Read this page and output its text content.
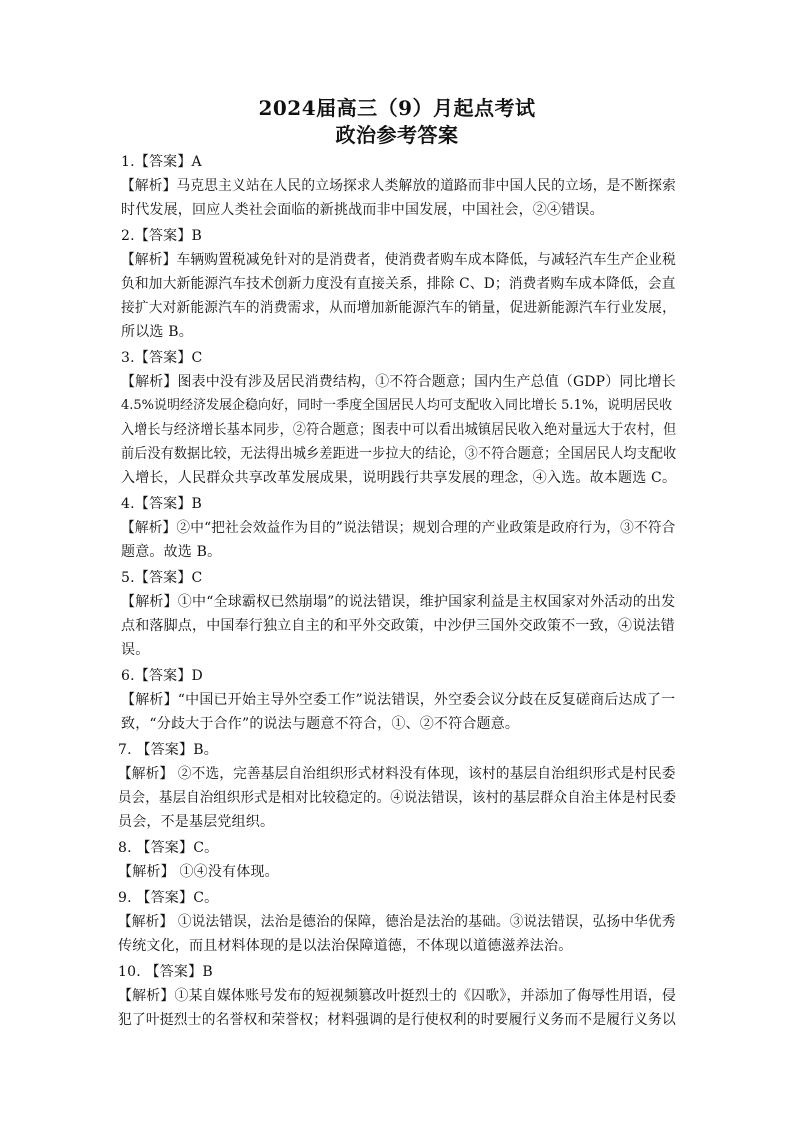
2024届高三（9）月起点考试
政治参考答案
1.【答案】A
【解析】马克思主义站在人民的立场探求人类解放的道路而非中国人民的立场，是不断探索
时代发展，回应人类社会面临的新挑战而非中国发展，中国社会，②④错误。
2.【答案】B
【解析】车辆购置税减免针对的是消费者，使消费者购车成本降低，与减轻汽车生产企业税
负和加大新能源汽车技术创新力度没有直接关系，排除 C、D；消费者购车成本降低，会直
接扩大对新能源汽车的消费需求，从而增加新能源汽车的销量，促进新能源汽车行业发展，
所以选 B。
3.【答案】C
【解析】图表中没有涉及居民消费结构，①不符合题意；国内生产总值（GDP）同比增长
4.5%说明经济发展企稳向好，同时一季度全国居民人均可支配收入同比增长 5.1%，说明居民收
入增长与经济增长基本同步，②符合题意；图表中可以看出城镇居民收入绝对量远大于农村，但
前后没有数据比较，无法得出城乡差距进一步拉大的结论，③不符合题意；全国居民人均支配收
入增长，人民群众共享改革发展成果，说明践行共享发展的理念，④入选。故本题选 C。
4.【答案】B
【解析】②中“把社会效益作为目的”说法错误；规划合理的产业政策是政府行为，③不符合
题意。故选 B。
5.【答案】C
【解析】①中“全球霸权已然崩塌”的说法错误，维护国家利益是主权国家对外活动的出发
点和落脚点，中国奉行独立自主的和平外交政策，中沙伊三国外交政策不一致，④说法错
误。
6.【答案】D
【解析】“中国已开始主导外空委工作”说法错误，外空委会议分歧在反复磋商后达成了一
致，“分歧大于合作”的说法与题意不符合，①、②不符合题意。
7. 【答案】B。
【解析】 ②不选，完善基层自治组织形式材料没有体现，该村的基层自治组织形式是村民委
员会，基层自治组织形式是相对比较稳定的。④说法错误，该村的基层群众自治主体是村民委
员会，不是基层党组织。
8. 【答案】C。
【解析】 ①④没有体现。
9. 【答案】C。
【解析】 ①说法错误，法治是德治的保障，德治是法治的基础。③说法错误，弘扬中华优秀
传统文化，而且材料体现的是以法治保障道德，不体现以道德滋养法治。
10. 【答案】B
【解析】①某自媒体账号发布的短视频篡改叶挺烈士的《囚歌》，并添加了侮辱性用语，侵
犯了叶挺烈士的名誉权和荣誉权；材料强调的是行使权利的时要履行义务而不是履行义务以
